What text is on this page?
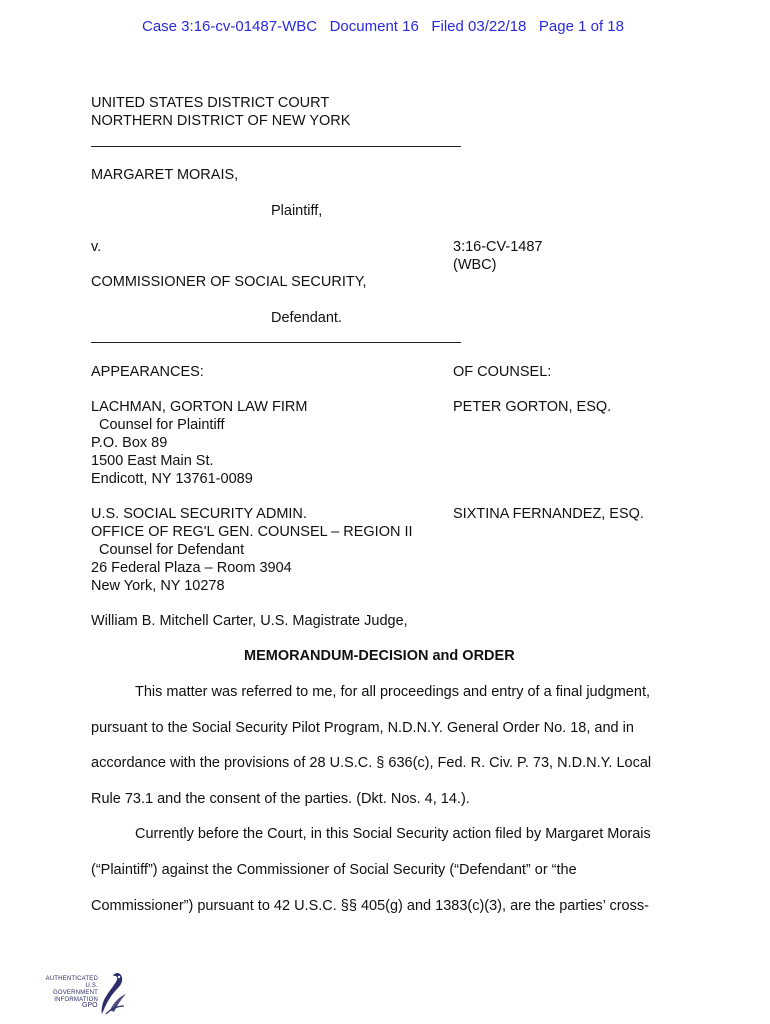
Case 3:16-cv-01487-WBC Document 16 Filed 03/22/18 Page 1 of 18
UNITED STATES DISTRICT COURT
NORTHERN DISTRICT OF NEW YORK
MARGARET MORAIS,
Plaintiff,
v.	3:16-CV-1487
(WBC)
COMMISSIONER OF SOCIAL SECURITY,
Defendant.
APPEARANCES:	OF COUNSEL:
LACHMAN, GORTON LAW FIRM
Counsel for Plaintiff
P.O. Box 89
1500 East Main St.
Endicott, NY 13761-0089
PETER GORTON, ESQ.
U.S. SOCIAL SECURITY ADMIN.
OFFICE OF REG'L GEN. COUNSEL – REGION II
Counsel for Defendant
26 Federal Plaza – Room 3904
New York, NY 10278
SIXTINA FERNANDEZ, ESQ.
William B. Mitchell Carter, U.S. Magistrate Judge,
MEMORANDUM-DECISION and ORDER
This matter was referred to me, for all proceedings and entry of a final judgment,
pursuant to the Social Security Pilot Program, N.D.N.Y. General Order No. 18, and in
accordance with the provisions of 28 U.S.C. § 636(c), Fed. R. Civ. P. 73, N.D.N.Y. Local
Rule 73.1 and the consent of the parties. (Dkt. Nos. 4, 14.).
Currently before the Court, in this Social Security action filed by Margaret Morais
(“Plaintiff”) against the Commissioner of Social Security (“Defendant” or “the
Commissioner”) pursuant to 42 U.S.C. §§ 405(g) and 1383(c)(3), are the parties’ cross-
AUTHENTICATED
U.S. GOVERNMENT
INFORMATION
GPO
